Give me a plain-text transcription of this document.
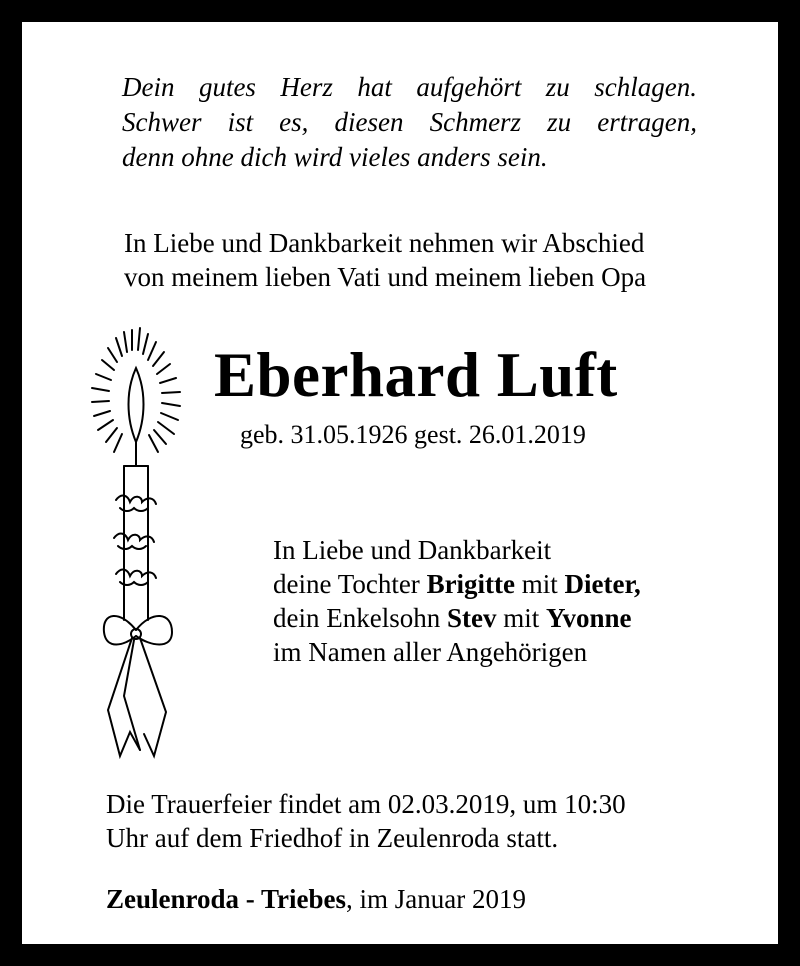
Dein gutes Herz hat aufgehört zu schlagen.
Schwer ist es, diesen Schmerz zu ertragen,
denn ohne dich wird vieles anders sein.
In Liebe und Dankbarkeit nehmen wir Abschied
von meinem lieben Vati und meinem lieben Opa
Eberhard Luft
geb. 31.05.1926 gest. 26.01.2019
In Liebe und Dankbarkeit
deine Tochter Brigitte mit Dieter,
dein Enkelsohn Stev mit Yvonne
im Namen aller Angehörigen
Die Trauerfeier findet am 02.03.2019, um 10:30
Uhr auf dem Friedhof in Zeulenroda statt.
Zeulenroda - Triebes, im Januar 2019
